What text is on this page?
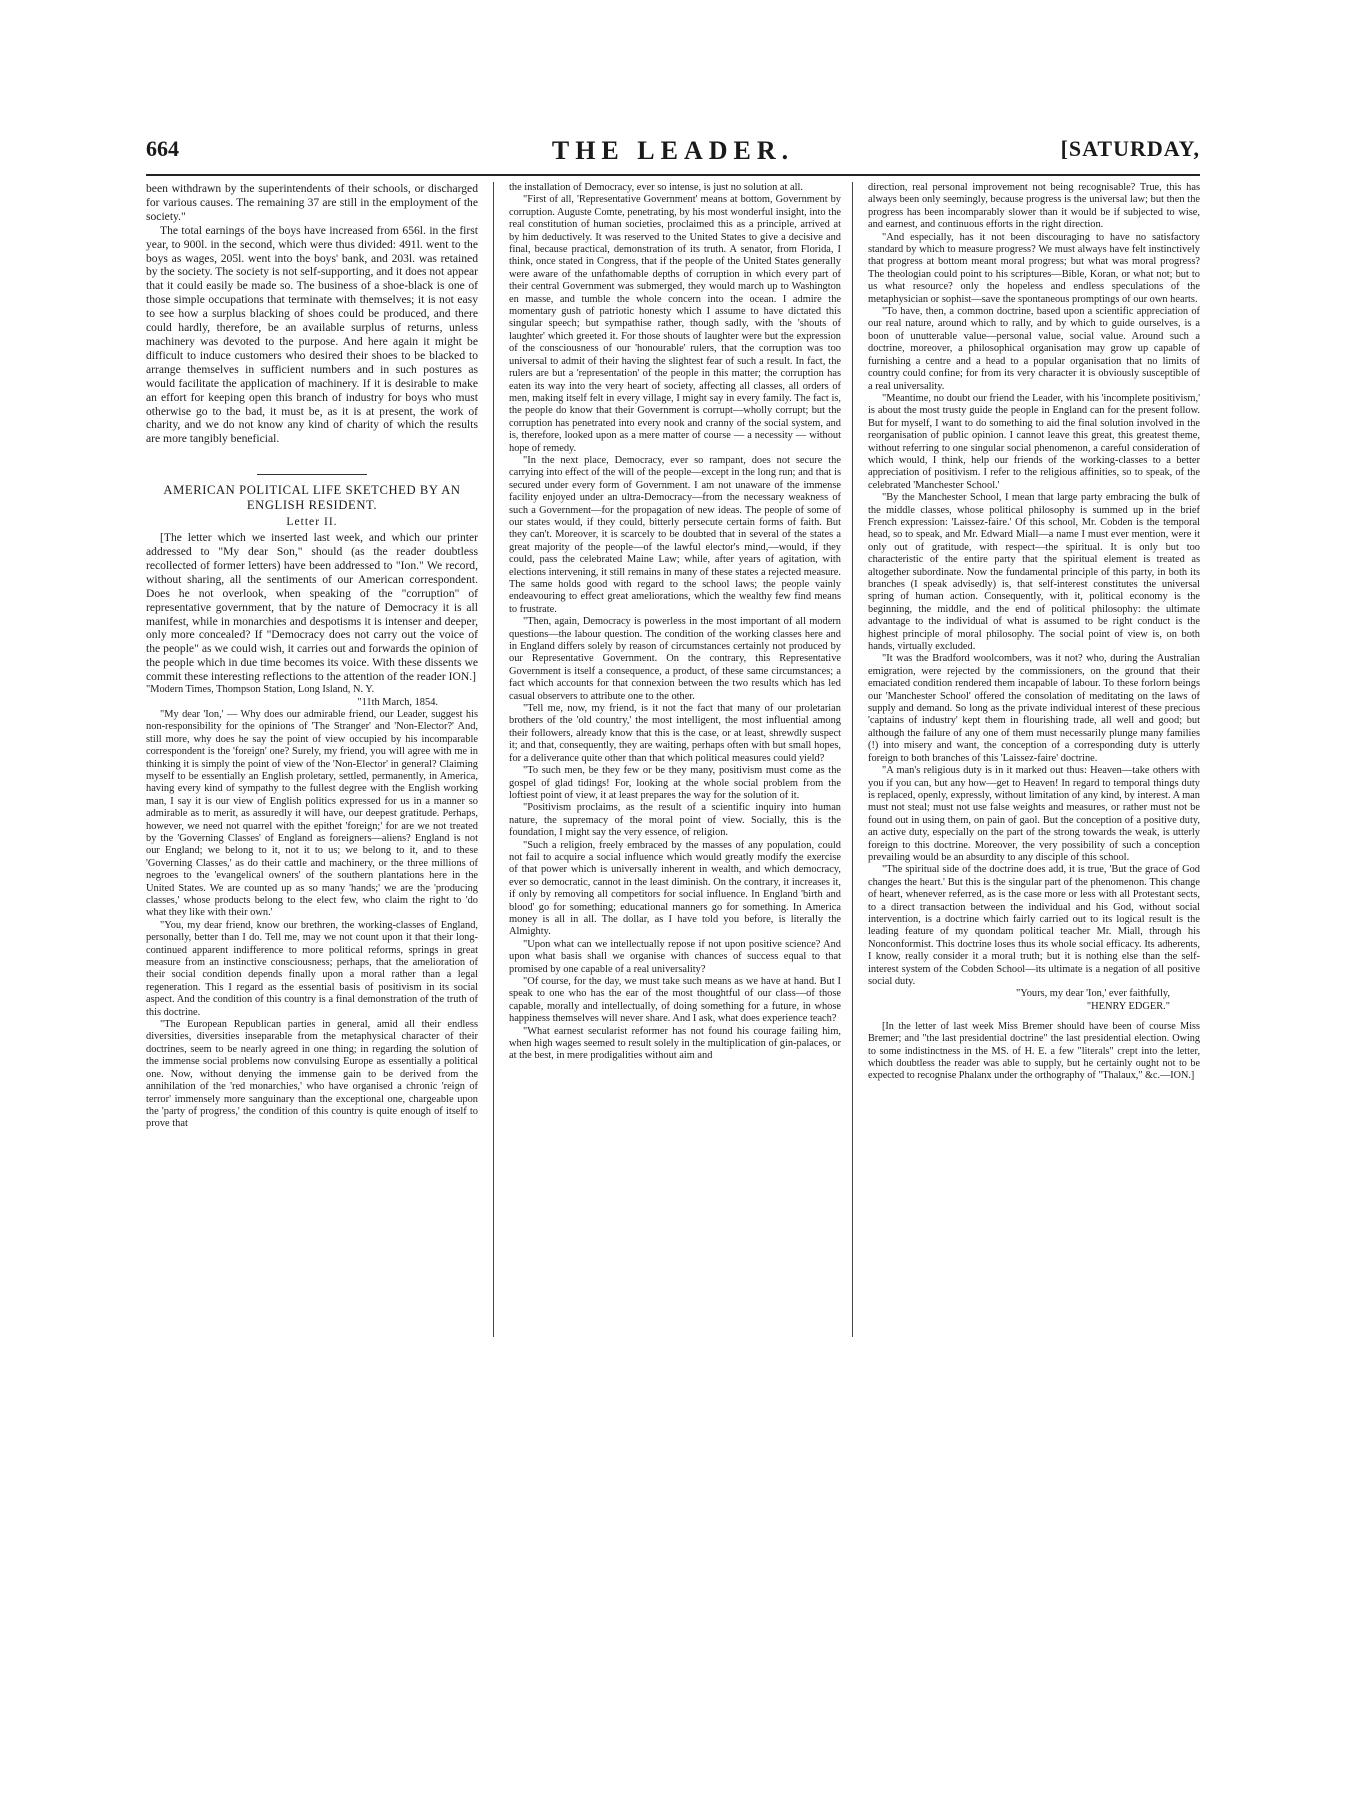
664	THE LEADER.	[SATURDAY,

been withdrawn by the superintendents of their schools, or discharged for various causes. The remaining 37 are still in the employment of the society."

The total earnings of the boys have increased from 656l. in the first year, to 900l. in the second, which were thus divided: 491l. went to the boys as wages, 205l. went into the boys' bank, and 203l. was retained by the society. The society is not self-supporting, and it does not appear that it could easily be made so. The business of a shoe-black is one of those simple occupations that terminate with themselves; it is not easy to see how a surplus blacking of shoes could be produced, and there could hardly, therefore, be an available surplus of returns, unless machinery was devoted to the purpose. And here again it might be difficult to induce customers who desired their shoes to be blacked to arrange themselves in sufficient numbers and in such postures as would facilitate the application of machinery. If it is desirable to make an effort for keeping open this branch of industry for boys who must otherwise go to the bad, it must be, as it is at present, the work of charity, and we do not know any kind of charity of which the results are more tangibly beneficial.

AMERICAN POLITICAL LIFE SKETCHED BY AN ENGLISH RESIDENT.

Letter II.

[The letter which we inserted last week, and which our printer addressed to "My dear Son," should (as the reader doubtless recollected of former letters) have been addressed to "Ion." We record, without sharing, all the sentiments of our American correspondent. Does he not overlook, when speaking of the "corruption" of representative government, that by the nature of Democracy it is all manifest, while in monarchies and despotisms it is intenser and deeper, only more concealed? If "Democracy does not carry out the voice of the people" as we could wish, it carries out and forwards the opinion of the people which in due time becomes its voice. With these dissents we commit these interesting reflections to the attention of the reader ION.]

"Modern Times, Thompson Station, Long Island, N. Y.

"11th March, 1854.

"My dear 'Ion,' — Why does our admirable friend, our Leader, suggest his non-responsibility for the opinions of 'The Stranger' and 'Non-Elector?' And, still more, why does he say the point of view occupied by his incomparable correspondent is the 'foreign' one? Surely, my friend, you will agree with me in thinking it is simply the point of view of the 'Non-Elector' in general? Claiming myself to be essentially an English proletary, settled, permanently, in America, having every kind of sympathy to the fullest degree with the English working man, I say it is our view of English politics expressed for us in a manner so admirable as to merit, as assuredly it will have, our deepest gratitude. Perhaps, however, we need not quarrel with the epithet 'foreign;' for are we not treated by the 'Governing Classes' of England as foreigners—aliens? England is not our England; we belong to it, not it to us; we belong to it, and to these 'Governing Classes,' as do their cattle and machinery, or the three millions of negroes to the 'evangelical owners' of the southern plantations here in the United States. We are counted up as so many 'hands;' we are the 'producing classes,' whose products belong to the elect few, who claim the right to 'do what they like with their own.'

"You, my dear friend, know our brethren, the working-classes of England, personally, better than I do. Tell me, may we not count upon it that their long-continued apparent indifference to more political reforms, springs in great measure from an instinctive consciousness; perhaps, that the amelioration of their social condition depends finally upon a moral rather than a legal regeneration. This I regard as the essential basis of positivism in its social aspect. And the condition of this country is a final demonstration of the truth of this doctrine.

"The European Republican parties in general, amid all their endless diversities, diversities inseparable from the metaphysical character of their doctrines, seem to be nearly agreed in one thing; in regarding the solution of the immense social problems now convulsing Europe as essentially a political one. Now, without denying the immense gain to be derived from the annihilation of the 'red monarchies,' who have organised a chronic 'reign of terror' immensely more sanguinary than the exceptional one, chargeable upon the 'party of progress,' the condition of this country is quite enough of itself to prove that

the installation of Democracy, ever so intense, is just no solution at all.

"First of all, 'Representative Government' means at bottom, Government by corruption. Auguste Comte, penetrating, by his most wonderful insight, into the real constitution of human societies, proclaimed this as a principle, arrived at by him deductively. It was reserved to the United States to give a decisive and final, because practical, demonstration of its truth. A senator, from Florida, I think, once stated in Congress, that if the people of the United States generally were aware of the unfathomable depths of corruption in which every part of their central Government was submerged, they would march up to Washington en masse, and tumble the whole concern into the ocean. I admire the momentary gush of patriotic honesty which I assume to have dictated this singular speech; but sympathise rather, though sadly, with the 'shouts of laughter' which greeted it. For those shouts of laughter were but the expression of the consciousness of our 'honourable' rulers, that the corruption was too universal to admit of their having the slightest fear of such a result. In fact, the rulers are but a 'representation' of the people in this matter; the corruption has eaten its way into the very heart of society, affecting all classes, all orders of men, making itself felt in every village, I might say in every family. The fact is, the people do know that their Government is corrupt—wholly corrupt; but the corruption has penetrated into every nook and cranny of the social system, and is, therefore, looked upon as a mere matter of course — a necessity — without hope of remedy.

"In the next place, Democracy, ever so rampant, does not secure the carrying into effect of the will of the people—except in the long run; and that is secured under every form of Government. I am not unaware of the immense facility enjoyed under an ultra-Democracy—from the necessary weakness of such a Government—for the propagation of new ideas. The people of some of our states would, if they could, bitterly persecute certain forms of faith. But they can't. Moreover, it is scarcely to be doubted that in several of the states a great majority of the people—of the lawful elector's mind,—would, if they could, pass the celebrated Maine Law; while, after years of agitation, with elections intervening, it still remains in many of these states a rejected measure. The same holds good with regard to the school laws; the people vainly endeavouring to effect great ameliorations, which the wealthy few find means to frustrate.

"Then, again, Democracy is powerless in the most important of all modern questions—the labour question. The condition of the working classes here and in England differs solely by reason of circumstances certainly not produced by our Representative Government. On the contrary, this Representative Government is itself a consequence, a product, of these same circumstances; a fact which accounts for that connexion between the two results which has led casual observers to attribute one to the other.

"Tell me, now, my friend, is it not the fact that many of our proletarian brothers of the 'old country,' the most intelligent, the most influential among their followers, already know that this is the case, or at least, shrewdly suspect it; and that, consequently, they are waiting, perhaps often with but small hopes, for a deliverance quite other than that which political measures could yield?

"To such men, be they few or be they many, positivism must come as the gospel of glad tidings! For, looking at the whole social problem from the loftiest point of view, it at least prepares the way for the solution of it.

"Positivism proclaims, as the result of a scientific inquiry into human nature, the supremacy of the moral point of view. Socially, this is the foundation, I might say the very essence, of religion.

"Such a religion, freely embraced by the masses of any population, could not fail to acquire a social influence which would greatly modify the exercise of that power which is universally inherent in wealth, and which democracy, ever so democratic, cannot in the least diminish. On the contrary, it increases it, if only by removing all competitors for social influence. In England 'birth and blood' go for something; educational manners go for something. In America money is all in all. The dollar, as I have told you before, is literally the Almighty.

"Upon what can we intellectually repose if not upon positive science? And upon what basis shall we organise with chances of success equal to that promised by one capable of a real universality?

"Of course, for the day, we must take such means as we have at hand. But I speak to one who has the ear of the most thoughtful of our class—of those capable, morally and intellectually, of doing something for a future, in whose happiness themselves will never share. And I ask, what does experience teach?

"What earnest secularist reformer has not found his courage failing him, when high wages seemed to result solely in the multiplication of gin-palaces, or at the best, in mere prodigalities without aim and

direction, real personal improvement not being recognisable? True, this has always been only seemingly, because progress is the universal law; but then the progress has been incomparably slower than it would be if subjected to wise, and earnest, and continuous efforts in the right direction.

"And especially, has it not been discouraging to have no satisfactory standard by which to measure progress? We must always have felt instinctively that progress at bottom meant moral progress; but what was moral progress? The theologian could point to his scriptures—Bible, Koran, or what not; but to us what resource? only the hopeless and endless speculations of the metaphysician or sophist—save the spontaneous promptings of our own hearts.

"To have, then, a common doctrine, based upon a scientific appreciation of our real nature, around which to rally, and by which to guide ourselves, is a boon of unutterable value—personal value, social value. Around such a doctrine, moreover, a philosophical organisation may grow up capable of furnishing a centre and a head to a popular organisation that no limits of country could confine; for from its very character it is obviously susceptible of a real universality.

"Meantime, no doubt our friend the Leader, with his 'incomplete positivism,' is about the most trusty guide the people in England can for the present follow. But for myself, I want to do something to aid the final solution involved in the reorganisation of public opinion. I cannot leave this great, this greatest theme, without referring to one singular social phenomenon, a careful consideration of which would, I think, help our friends of the working-classes to a better appreciation of positivism. I refer to the religious affinities, so to speak, of the celebrated 'Manchester School.'

"By the Manchester School, I mean that large party embracing the bulk of the middle classes, whose political philosophy is summed up in the brief French expression: 'Laissez-faire.' Of this school, Mr. Cobden is the temporal head, so to speak, and Mr. Edward Miall—a name I must ever mention, were it only out of gratitude, with respect—the spiritual. It is only but too characteristic of the entire party that the spiritual element is treated as altogether subordinate. Now the fundamental principle of this party, in both its branches (I speak advisedly) is, that self-interest constitutes the universal spring of human action. Consequently, with it, political economy is the beginning, the middle, and the end of political philosophy: the ultimate advantage to the individual of what is assumed to be right conduct is the highest principle of moral philosophy. The social point of view is, on both hands, virtually excluded.

"It was the Bradford woolcombers, was it not? who, during the Australian emigration, were rejected by the commissioners, on the ground that their emaciated condition rendered them incapable of labour. To these forlorn beings our 'Manchester School' offered the consolation of meditating on the laws of supply and demand. So long as the private individual interest of these precious 'captains of industry' kept them in flourishing trade, all well and good; but although the failure of any one of them must necessarily plunge many families (!) into misery and want, the conception of a corresponding duty is utterly foreign to both branches of this 'Laissez-faire' doctrine.

"A man's religious duty is in it marked out thus: Heaven—take others with you if you can, but any how—get to Heaven! In regard to temporal things duty is replaced, openly, expressly, without limitation of any kind, by interest. A man must not steal; must not use false weights and measures, or rather must not be found out in using them, on pain of gaol. But the conception of a positive duty, an active duty, especially on the part of the strong towards the weak, is utterly foreign to this doctrine. Moreover, the very possibility of such a conception prevailing would be an absurdity to any disciple of this school.

"The spiritual side of the doctrine does add, it is true, 'But the grace of God changes the heart.' But this is the singular part of the phenomenon. This change of heart, whenever referred, as is the case more or less with all Protestant sects, to a direct transaction between the individual and his God, without social intervention, is a doctrine which fairly carried out to its logical result is the leading feature of my quondam political teacher Mr. Miall, through his Nonconformist. This doctrine loses thus its whole social efficacy. Its adherents, I know, really consider it a moral truth; but it is nothing else than the self-interest system of the Cobden School—its ultimate is a negation of all positive social duty.

"Yours, my dear 'Ion,' ever faithfully,

"HENRY EDGER."

[In the letter of last week Miss Bremer should have been of course Miss Bremer; and "the last presidential doctrine" the last presidential election. Owing to some indistinctness in the MS. of H. E. a few "literals" crept into the letter, which doubtless the reader was able to supply, but he certainly ought not to be expected to recognise Phalanx under the orthography of "Thalaux," &c.—ION.]
